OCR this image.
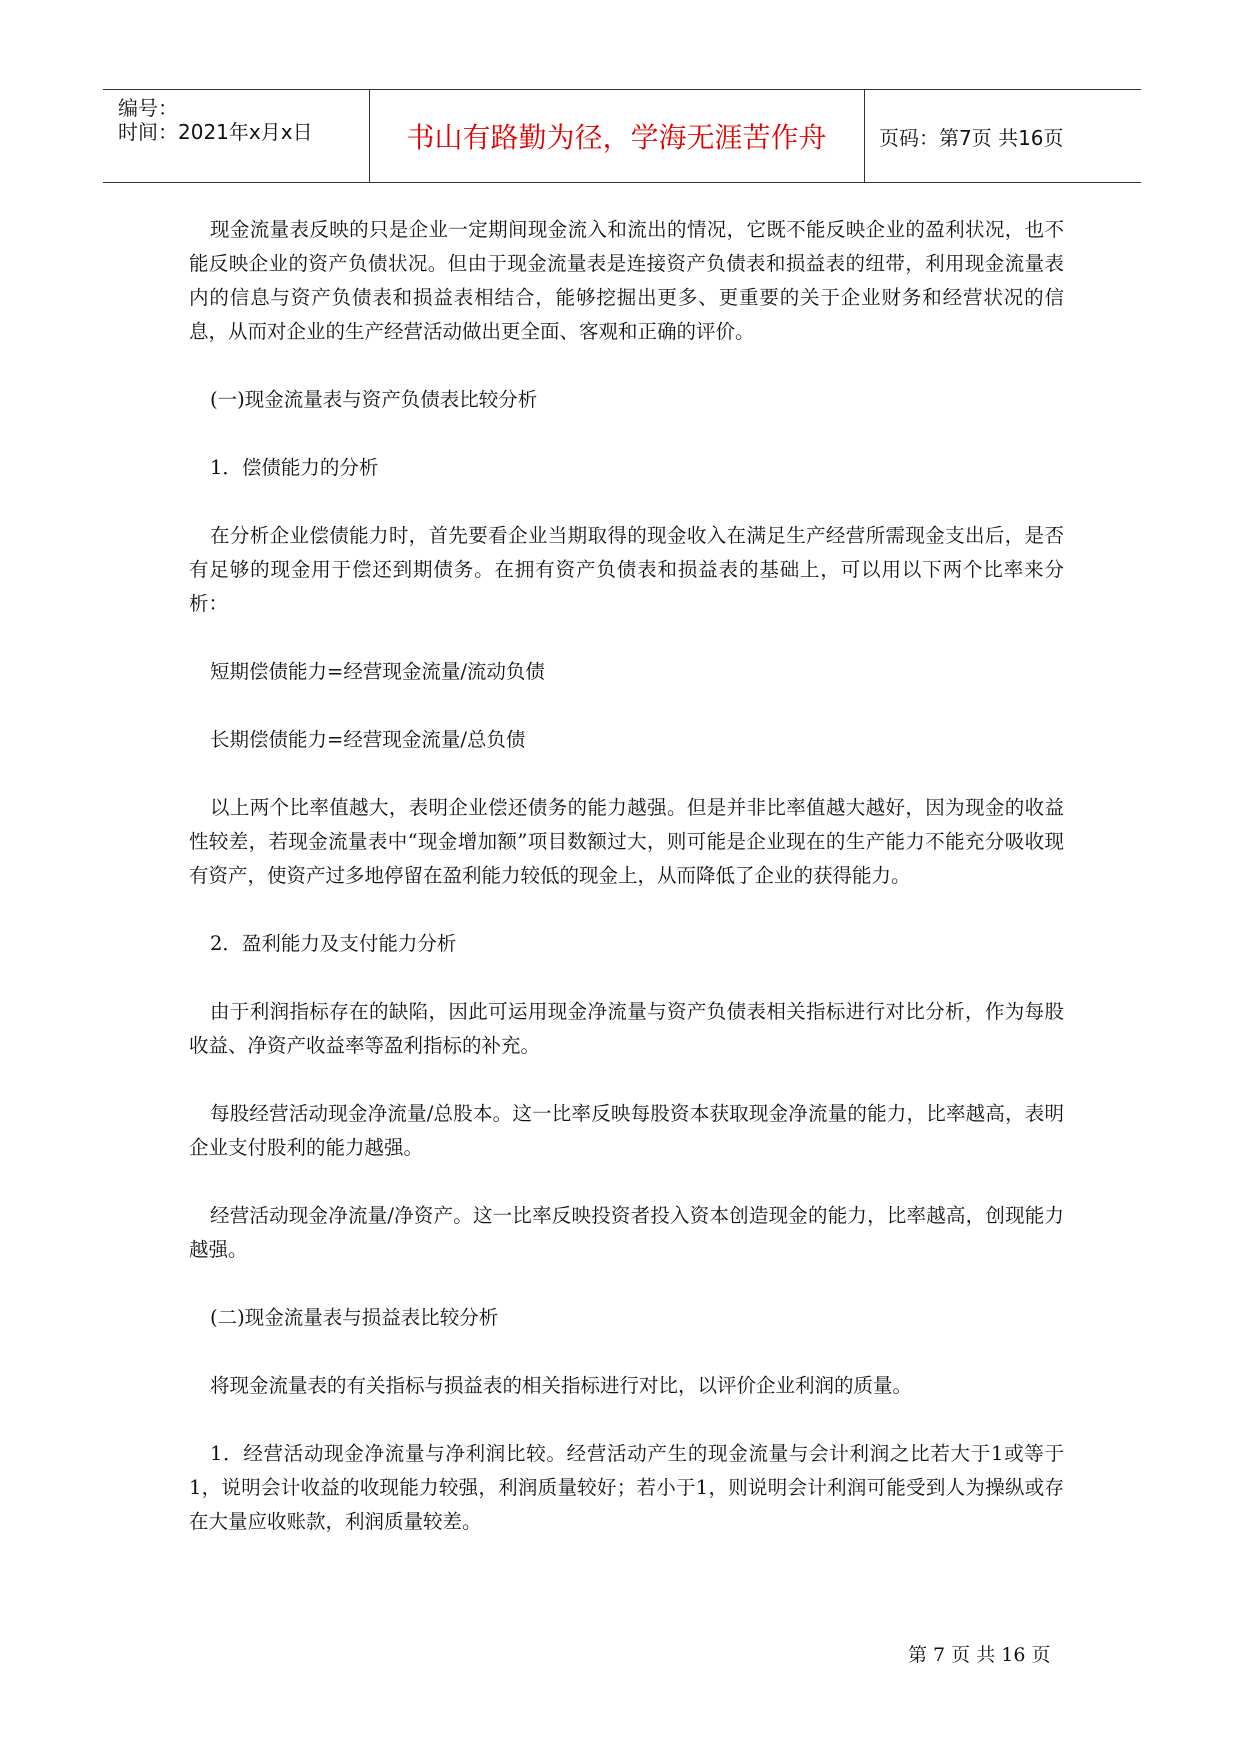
编号：
时间：2021年x月x日	书山有路勤为径，学海无涯苦作舟	页码：第7页 共16页

现金流量表反映的只是企业一定期间现金流入和流出的情况，它既不能反映企业的盈利状况，也不能反映企业的资产负债状况。但由于现金流量表是连接资产负债表和损益表的纽带，利用现金流量表内的信息与资产负债表和损益表相结合，能够挖掘出更多、更重要的关于企业财务和经营状况的信息，从而对企业的生产经营活动做出更全面、客观和正确的评价。

(一)现金流量表与资产负债表比较分析

1．偿债能力的分析

在分析企业偿债能力时，首先要看企业当期取得的现金收入在满足生产经营所需现金支出后，是否有足够的现金用于偿还到期债务。在拥有资产负债表和损益表的基础上，可以用以下两个比率来分析：

短期偿债能力=经营现金流量/流动负债

长期偿债能力=经营现金流量/总负债

以上两个比率值越大，表明企业偿还债务的能力越强。但是并非比率值越大越好，因为现金的收益性较差，若现金流量表中“现金增加额”项目数额过大，则可能是企业现在的生产能力不能充分吸收现有资产，使资产过多地停留在盈利能力较低的现金上，从而降低了企业的获得能力。

2．盈利能力及支付能力分析

由于利润指标存在的缺陷，因此可运用现金净流量与资产负债表相关指标进行对比分析，作为每股收益、净资产收益率等盈利指标的补充。

每股经营活动现金净流量/总股本。这一比率反映每股资本获取现金净流量的能力，比率越高，表明企业支付股利的能力越强。

经营活动现金净流量/净资产。这一比率反映投资者投入资本创造现金的能力，比率越高，创现能力越强。

(二)现金流量表与损益表比较分析

将现金流量表的有关指标与损益表的相关指标进行对比，以评价企业利润的质量。

1．经营活动现金净流量与净利润比较。经营活动产生的现金流量与会计利润之比若大于1或等于1，说明会计收益的收现能力较强，利润质量较好；若小于1，则说明会计利润可能受到人为操纵或存在大量应收账款，利润质量较差。

第 7 页 共 16 页
